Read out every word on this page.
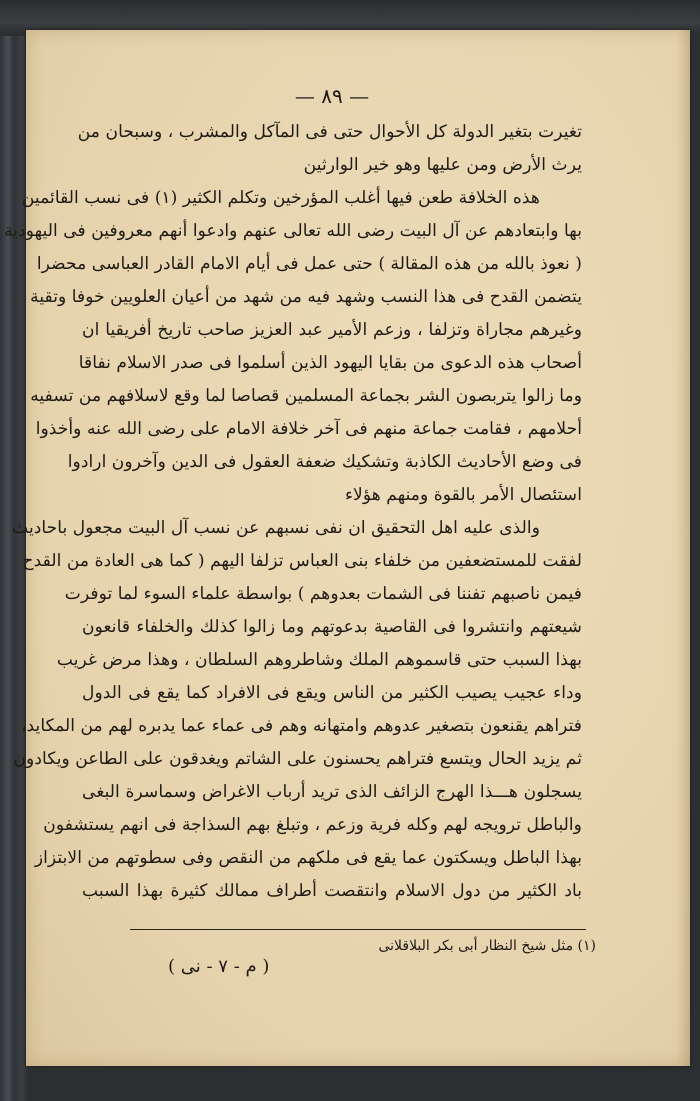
— ٨٩ —
تغيرت بتغير الدولة كل الأحوال حتى فى المآكل والمشرب ، وسبحان من
يرث الأرض ومن عليها وهو خير الوارثين
هذه الخلافة طعن فيها أغلب المؤرخين وتكلم الكثير (١) فى نسب القائمين
بها وابتعادهم عن آل البيت رضى الله تعالى عنهم وادعوا أنهم معروفين فى اليهودية
( نعوذ بالله من هذه المقالة ) حتى عمل فى أيام الامام القادر العباسى محضرا
يتضمن القدح فى هذا النسب وشهد فيه من شهد من أعيان العلويين خوفا وتقية
وغيرهم مجاراة وتزلفا ، وزعم الأمير عبد العزيز صاحب تاريخ أفريقيا ان
أصحاب هذه الدعوى من بقايا اليهود الذين أسلموا فى صدر الاسلام نفاقا
وما زالوا يتربصون الشر بجماعة المسلمين قصاصا لما وقع لاسلافهم من تسفيه
أحلامهم ، فقامت جماعة منهم فى آخر خلافة الامام على رضى الله عنه وأخذوا
فى وضع الأحاديث الكاذبة وتشكيك ضعفة العقول فى الدين وآخرون ارادوا
استئصال الأمر بالقوة ومنهم هؤلاء
والذى عليه اهل التحقيق ان نفى نسبهم عن نسب آل البيت مجعول باحاديث
لفقت للمستضعفين من خلفاء بنى العباس تزلفا اليهم ( كما هى العادة من القدح
فيمن ناصبهم تفننا فى الشمات بعدوهم ) بواسطة علماء السوء لما توفرت
شيعتهم وانتشروا فى القاصية بدعوتهم وما زالوا كذلك والخلفاء قانعون
بهذا السبب حتى قاسموهم الملك وشاطروهم السلطان ، وهذا مرض غريب
وداء عجيب يصيب الكثير من الناس ويقع فى الافراد كما يقع فى الدول
فتراهم يقنعون بتصغير عدوهم وامتهانه وهم فى عماء عما يدبره لهم من المكايد،
ثم يزيد الحال ويتسع فتراهم يحسنون على الشاتم ويغدقون على الطاعن ويكادون
يسجلون هـــذا الهرج الزائف الذى تريد أرباب الاغراض وسماسرة البغى
والباطل ترويجه لهم وكله فرية وزعم ، وتبلغ بهم السذاجة فى انهم يستشفون
بهذا الباطل ويسكتون عما يقع فى ملكهم من النقص وفى سطوتهم من الابتزاز
باد الكثير من دول الاسلام وانتقصت أطراف ممالك كثيرة بهذا السبب
(١) مثل شيخ النظار أبى بكر البلاقلانى
( م - ٧ - نى )
